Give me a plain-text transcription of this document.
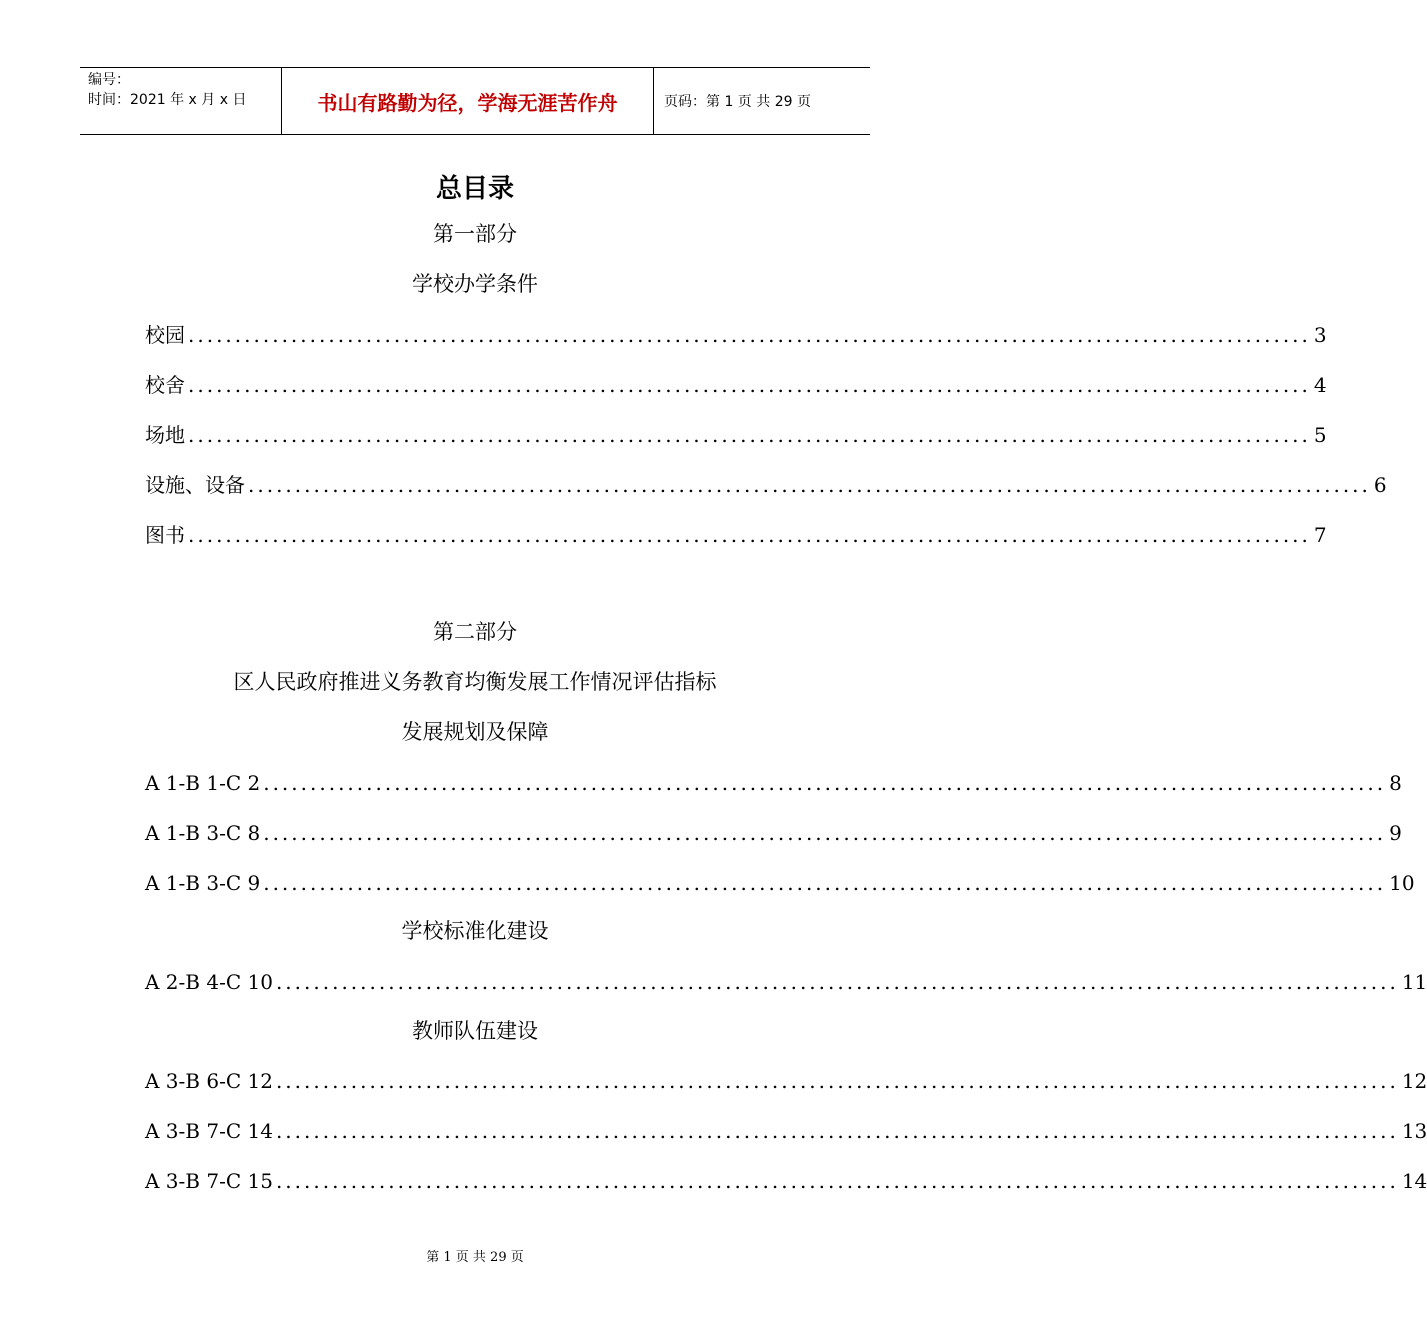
编号：
时间：2021 年 x 月 x 日	书山有路勤为径，学海无涯苦作舟	页码：第 1 页 共 29 页
总目录
第一部分
学校办学条件
校园 ........................................................................................................................ 3
校舍 ........................................................................................................................ 4
场地 ........................................................................................................................ 5
设施、设备 ........................................................................................................................ 6
图书 ........................................................................................................................ 7
第二部分
区人民政府推进义务教育均衡发展工作情况评估指标
发展规划及保障
A 1-B 1-C 2 ........................................................................................................................ 8
A 1-B 3-C 8 ........................................................................................................................ 9
A 1-B 3-C 9 ........................................................................................................................ 10
学校标准化建设
A 2-B 4-C 10 ........................................................................................................................ 11
教师队伍建设
A 3-B 6-C 12 ........................................................................................................................ 12
A 3-B 7-C 14 ........................................................................................................................ 13
A 3-B 7-C 15 ........................................................................................................................ 14
第 1 页 共 29 页
